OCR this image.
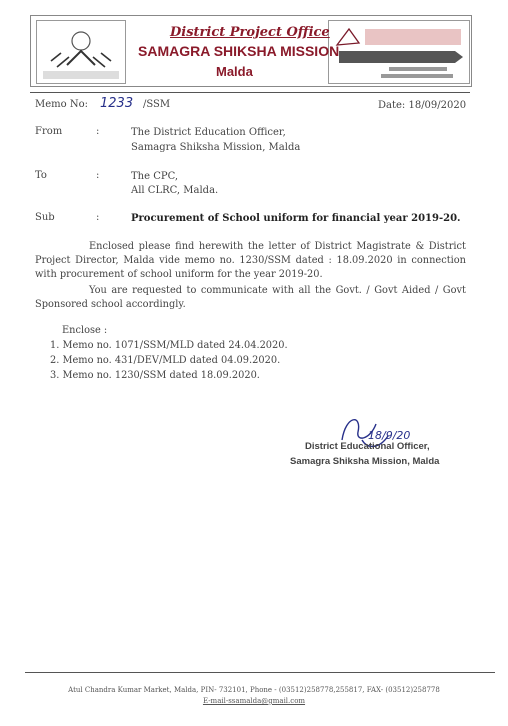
District Project Office
SAMAGRA SHIKSHA MISSION
Malda
Memo No: 1233 /SSM	Date: 18/09/2020
From	:	The District Education Officer,
Samagra Shiksha Mission, Malda
To	:	The CPC,
All CLRC, Malda.
Sub	:	Procurement of School uniform for financial year 2019-20.
Enclosed please find herewith the letter of District Magistrate & District Project Director, Malda vide memo no. 1230/SSM dated : 18.09.2020 in connection with procurement of school uniform for the year 2019-20.
You are requested to communicate with all the Govt. / Govt Aided / Govt Sponsored school accordingly.
Enclose :
1. Memo no. 1071/SSM/MLD dated 24.04.2020.
2. Memo no. 431/DEV/MLD dated 04.09.2020.
3. Memo no. 1230/SSM dated 18.09.2020.
18/9/20
District Educational Officer,
Samagra Shiksha Mission, Malda
Atul Chandra Kumar Market, Malda, PIN- 732101, Phone - (03512)258778,255817, FAX- (03512)258778
E-mail-ssamalda@gmail.com
